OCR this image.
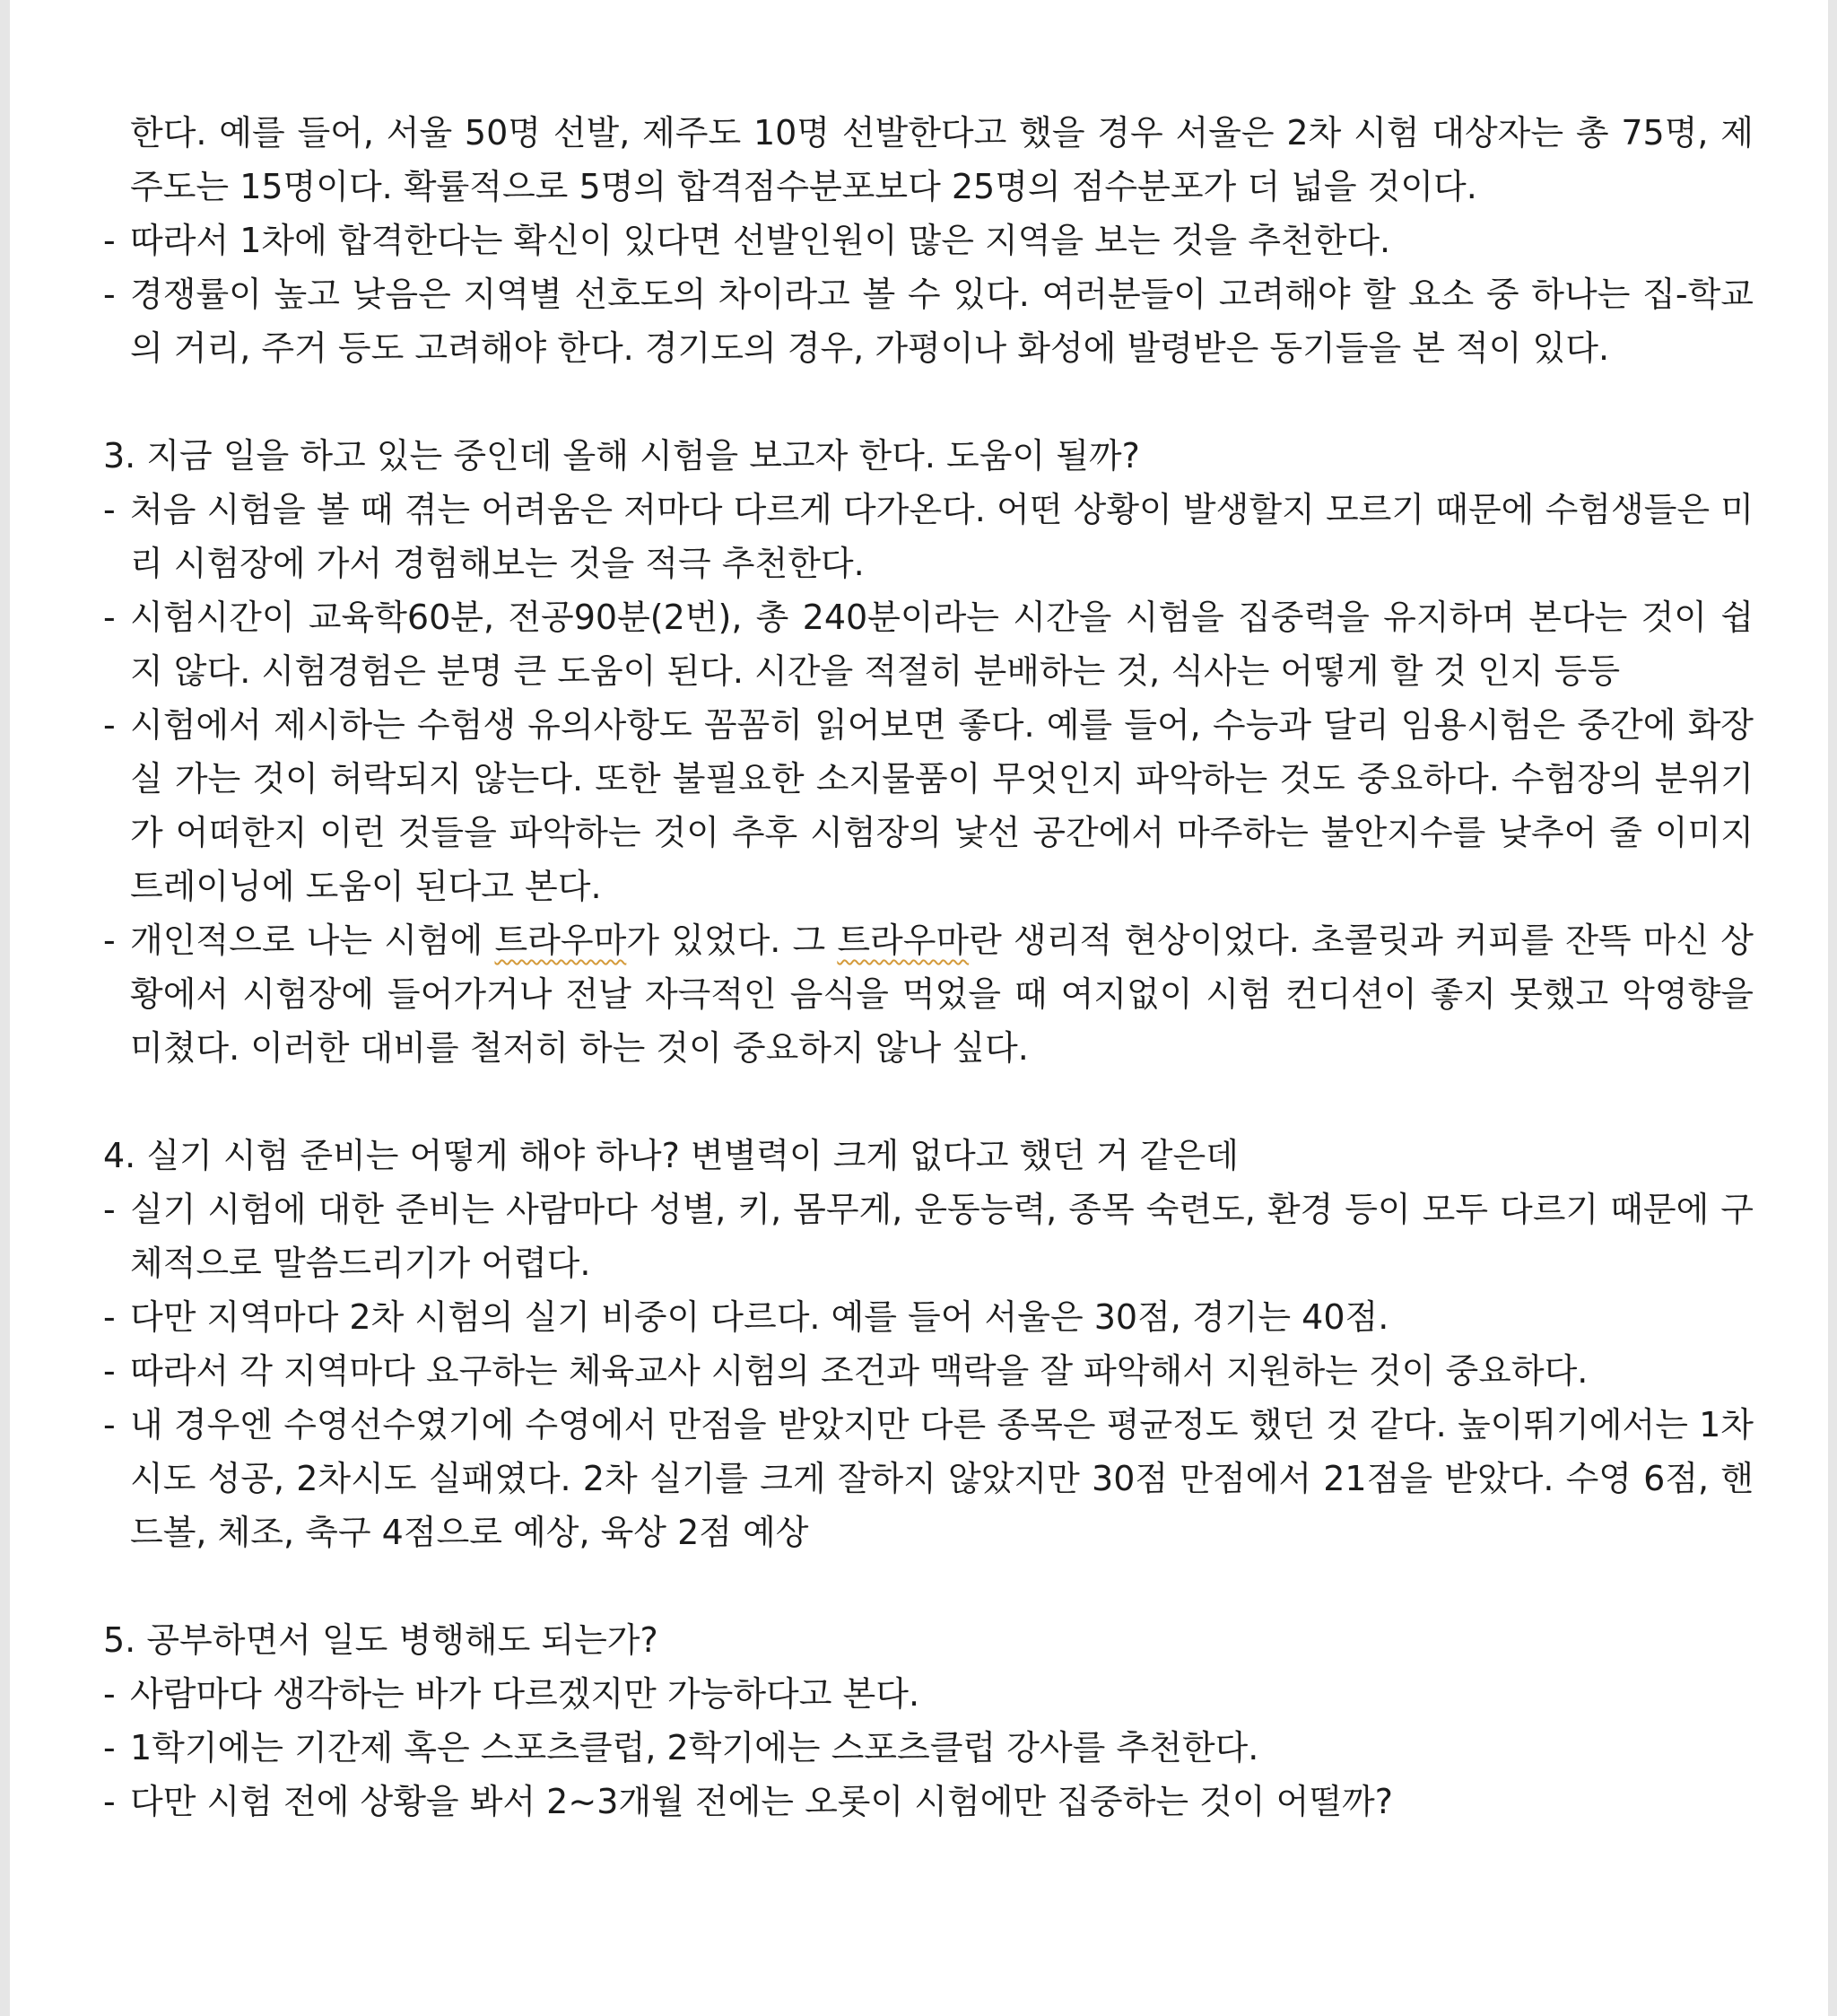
한다. 예를 들어, 서울 50명 선발, 제주도 10명 선발한다고 했을 경우 서울은 2차 시험 대상자는 총 75명, 제주도는 15명이다. 확률적으로 5명의 합격점수분포보다 25명의 점수분포가 더 넓을 것이다.

- 따라서 1차에 합격한다는 확신이 있다면 선발인원이 많은 지역을 보는 것을 추천한다.

- 경쟁률이 높고 낮음은 지역별 선호도의 차이라고 볼 수 있다. 여러분들이 고려해야 할 요소 중 하나는 집-학교의 거리, 주거 등도 고려해야 한다. 경기도의 경우, 가평이나 화성에 발령받은 동기들을 본 적이 있다.

3. 지금 일을 하고 있는 중인데 올해 시험을 보고자 한다. 도움이 될까?

- 처음 시험을 볼 때 겪는 어려움은 저마다 다르게 다가온다. 어떤 상황이 발생할지 모르기 때문에 수험생들은 미리 시험장에 가서 경험해보는 것을 적극 추천한다.

- 시험시간이 교육학60분, 전공90분(2번), 총 240분이라는 시간을 시험을 집중력을 유지하며 본다는 것이 쉽지 않다. 시험경험은 분명 큰 도움이 된다. 시간을 적절히 분배하는 것, 식사는 어떻게 할 것 인지 등등

- 시험에서 제시하는 수험생 유의사항도 꼼꼼히 읽어보면 좋다. 예를 들어, 수능과 달리 임용시험은 중간에 화장실 가는 것이 허락되지 않는다. 또한 불필요한 소지물품이 무엇인지 파악하는 것도 중요하다. 수험장의 분위기가 어떠한지 이런 것들을 파악하는 것이 추후 시험장의 낯선 공간에서 마주하는 불안지수를 낮추어 줄 이미지트레이닝에 도움이 된다고 본다.

- 개인적으로 나는 시험에 트라우마가 있었다. 그 트라우마란 생리적 현상이었다. 초콜릿과 커피를 잔뜩 마신 상황에서 시험장에 들어가거나 전날 자극적인 음식을 먹었을 때 여지없이 시험 컨디션이 좋지 못했고 악영향을 미쳤다. 이러한 대비를 철저히 하는 것이 중요하지 않나 싶다.

4. 실기 시험 준비는 어떻게 해야 하나? 변별력이 크게 없다고 했던 거 같은데

- 실기 시험에 대한 준비는 사람마다 성별, 키, 몸무게, 운동능력, 종목 숙련도, 환경 등이 모두 다르기 때문에 구체적으로 말씀드리기가 어렵다.

- 다만 지역마다 2차 시험의 실기 비중이 다르다. 예를 들어 서울은 30점, 경기는 40점.

- 따라서 각 지역마다 요구하는 체육교사 시험의 조건과 맥락을 잘 파악해서 지원하는 것이 중요하다.

- 내 경우엔 수영선수였기에 수영에서 만점을 받았지만 다른 종목은 평균정도 했던 것 같다. 높이뛰기에서는 1차 시도 성공, 2차시도 실패였다. 2차 실기를 크게 잘하지 않았지만 30점 만점에서 21점을 받았다. 수영 6점, 핸드볼, 체조, 축구 4점으로 예상, 육상 2점 예상

5. 공부하면서 일도 병행해도 되는가?

- 사람마다 생각하는 바가 다르겠지만 가능하다고 본다.

- 1학기에는 기간제 혹은 스포츠클럽, 2학기에는 스포츠클럽 강사를 추천한다.

- 다만 시험 전에 상황을 봐서 2~3개월 전에는 오롯이 시험에만 집중하는 것이 어떨까?
